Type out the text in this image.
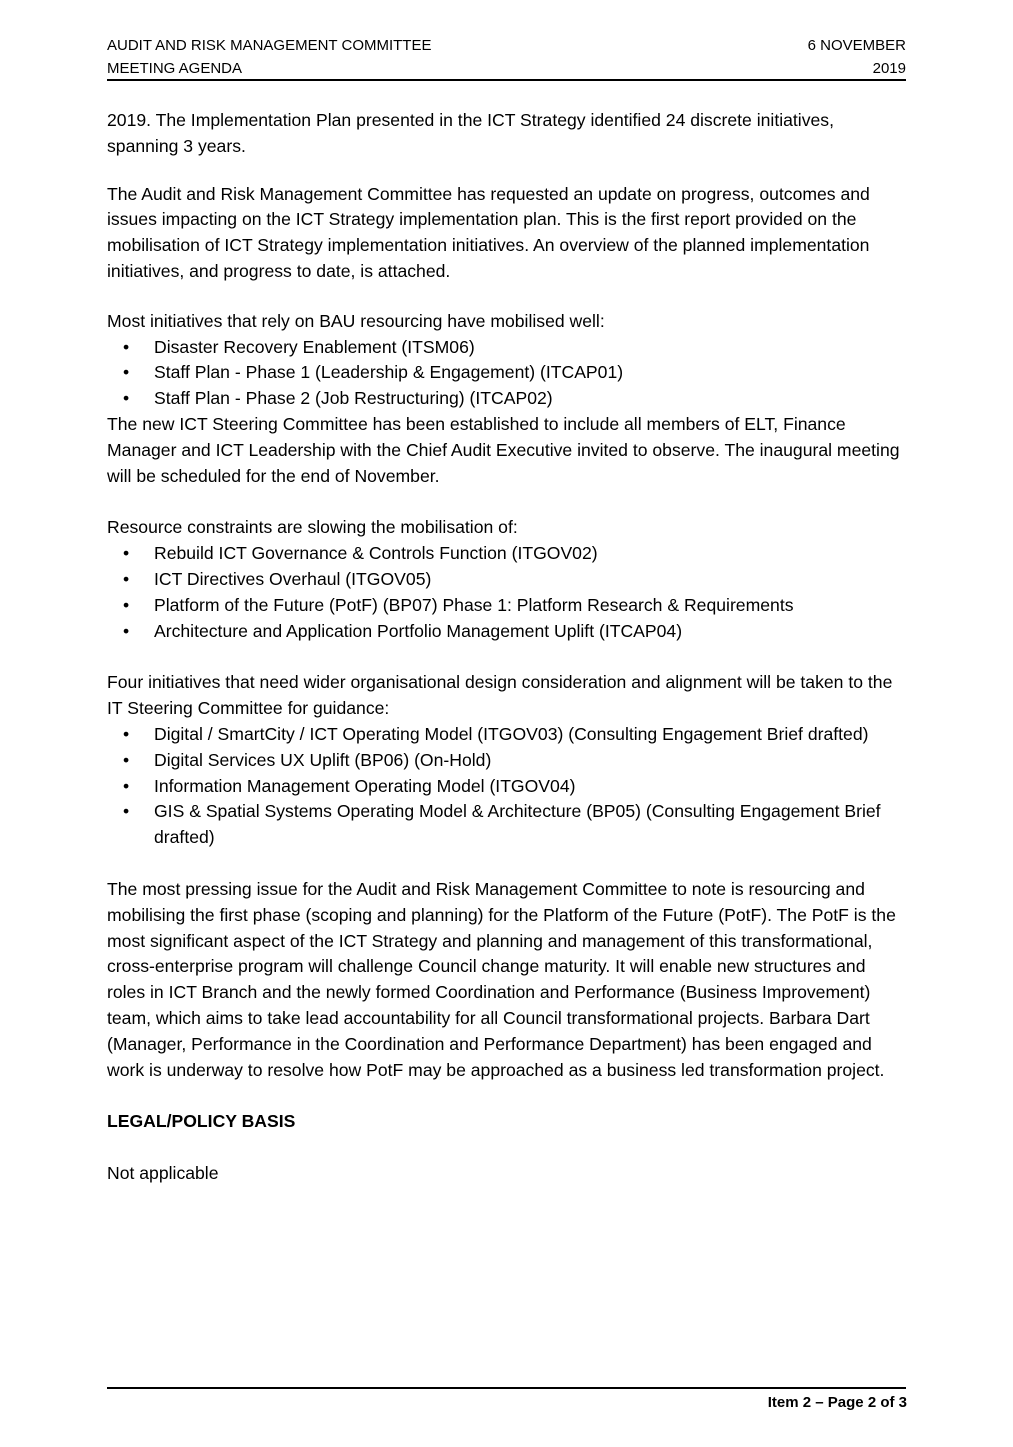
AUDIT AND RISK MANAGEMENT COMMITTEE
MEETING AGENDA
6 NOVEMBER
2019

2019. The Implementation Plan presented in the ICT Strategy identified 24 discrete initiatives, spanning 3 years.

The Audit and Risk Management Committee has requested an update on progress, outcomes and issues impacting on the ICT Strategy implementation plan. This is the first report provided on the mobilisation of ICT Strategy implementation initiatives. An overview of the planned implementation initiatives, and progress to date, is attached.

Most initiatives that rely on BAU resourcing have mobilised well:

• Disaster Recovery Enablement (ITSM06)
• Staff Plan - Phase 1 (Leadership & Engagement) (ITCAP01)
• Staff Plan - Phase 2 (Job Restructuring) (ITCAP02)

The new ICT Steering Committee has been established to include all members of ELT, Finance Manager and ICT Leadership with the Chief Audit Executive invited to observe. The inaugural meeting will be scheduled for the end of November.

Resource constraints are slowing the mobilisation of:

• Rebuild ICT Governance & Controls Function (ITGOV02)
• ICT Directives Overhaul (ITGOV05)
• Platform of the Future (PotF) (BP07) Phase 1: Platform Research & Requirements
• Architecture and Application Portfolio Management Uplift (ITCAP04)

Four initiatives that need wider organisational design consideration and alignment will be taken to the IT Steering Committee for guidance:

• Digital / SmartCity / ICT Operating Model (ITGOV03) (Consulting Engagement Brief drafted)
• Digital Services UX Uplift (BP06) (On-Hold)
• Information Management Operating Model (ITGOV04)
• GIS & Spatial Systems Operating Model & Architecture (BP05) (Consulting Engagement Brief drafted)

The most pressing issue for the Audit and Risk Management Committee to note is resourcing and mobilising the first phase (scoping and planning) for the Platform of the Future (PotF). The PotF is the most significant aspect of the ICT Strategy and planning and management of this transformational, cross-enterprise program will challenge Council change maturity. It will enable new structures and roles in ICT Branch and the newly formed Coordination and Performance (Business Improvement) team, which aims to take lead accountability for all Council transformational projects. Barbara Dart (Manager, Performance in the Coordination and Performance Department) has been engaged and work is underway to resolve how PotF may be approached as a business led transformation project.

LEGAL/POLICY BASIS

Not applicable

Item 2 – Page 2 of 3
